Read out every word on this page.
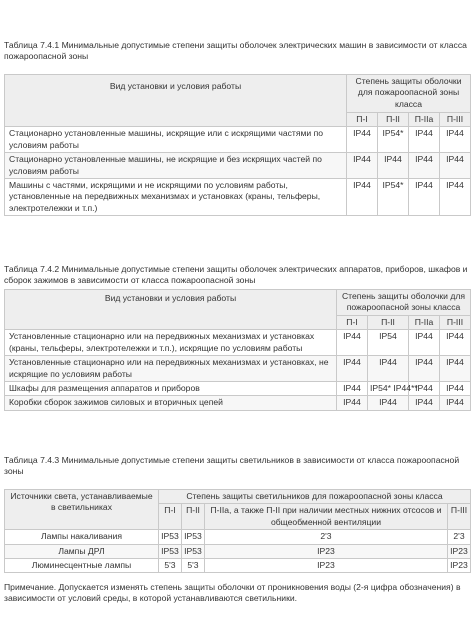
Таблица 7.4.1 Минимальные допустимые степени защиты оболочек электрических машин в зависимости от класса пожароопасной зоны

Вид установки и условия работы	Степень защиты оболочки для пожароопасной зоны класса			
	П-I	П-II	П-IIa	П-III
Стационарно установленные машины, искрящие или с искрящими частями по условиям работы	IP44	IP54*	IP44	IP44
Стационарно установленные машины, не искрящие и без искрящих частей по условиям работы	IP44	IP44	IP44	IP44
Машины с частями, искрящими и не искрящими по условиям работы, установленные на передвижных механизмах и установках (краны, тельферы, электротележки и т.п.)	IP44	IP54*	IP44	IP44

Таблица 7.4.2 Минимальные допустимые степени защиты оболочек электрических аппаратов, приборов, шкафов и сборок зажимов в зависимости от класса пожароопасной зоны

Вид установки и условия работы	Степень защиты оболочки для пожароопасной зоны класса			
	П-I	П-II	П-IIa	П-III
Установленные стационарно или на передвижных механизмах и установках (краны, тельферы, электротележки и т.п.), искрящие по условиям работы	IP44	IP54	IP44	IP44
Установленные стационарно или на передвижных механизмах и установках, не искрящие по условиям работы	IP44	IP44	IP44	IP44
Шкафы для размещения аппаратов и приборов	IP44	IP54* IP44**	IP44	IP44
Коробки сборок зажимов силовых и вторичных цепей	IP44	IP44	IP44	IP44

Таблица 7.4.3 Минимальные допустимые степени защиты светильников в зависимости от класса пожароопасной зоны

Источники света, устанавливаемые в светильниках	Степень защиты светильников для пожароопасной зоны класса			
	П-I	П-II	П-IIa, а также П-II при наличии местных нижних отсосов и общеобменной вентиляции	П-III
Лампы накаливания	IP53	IP53	2'3	2'3
Лампы ДРЛ	IP53	IP53	IP23	IP23
Люминесцентные лампы	5'3	5'3	IP23	IP23

Примечание. Допускается изменять степень защиты оболочки от проникновения воды (2-я цифра обозначения) в зависимости от условий среды, в которой устанавливаются светильники.
